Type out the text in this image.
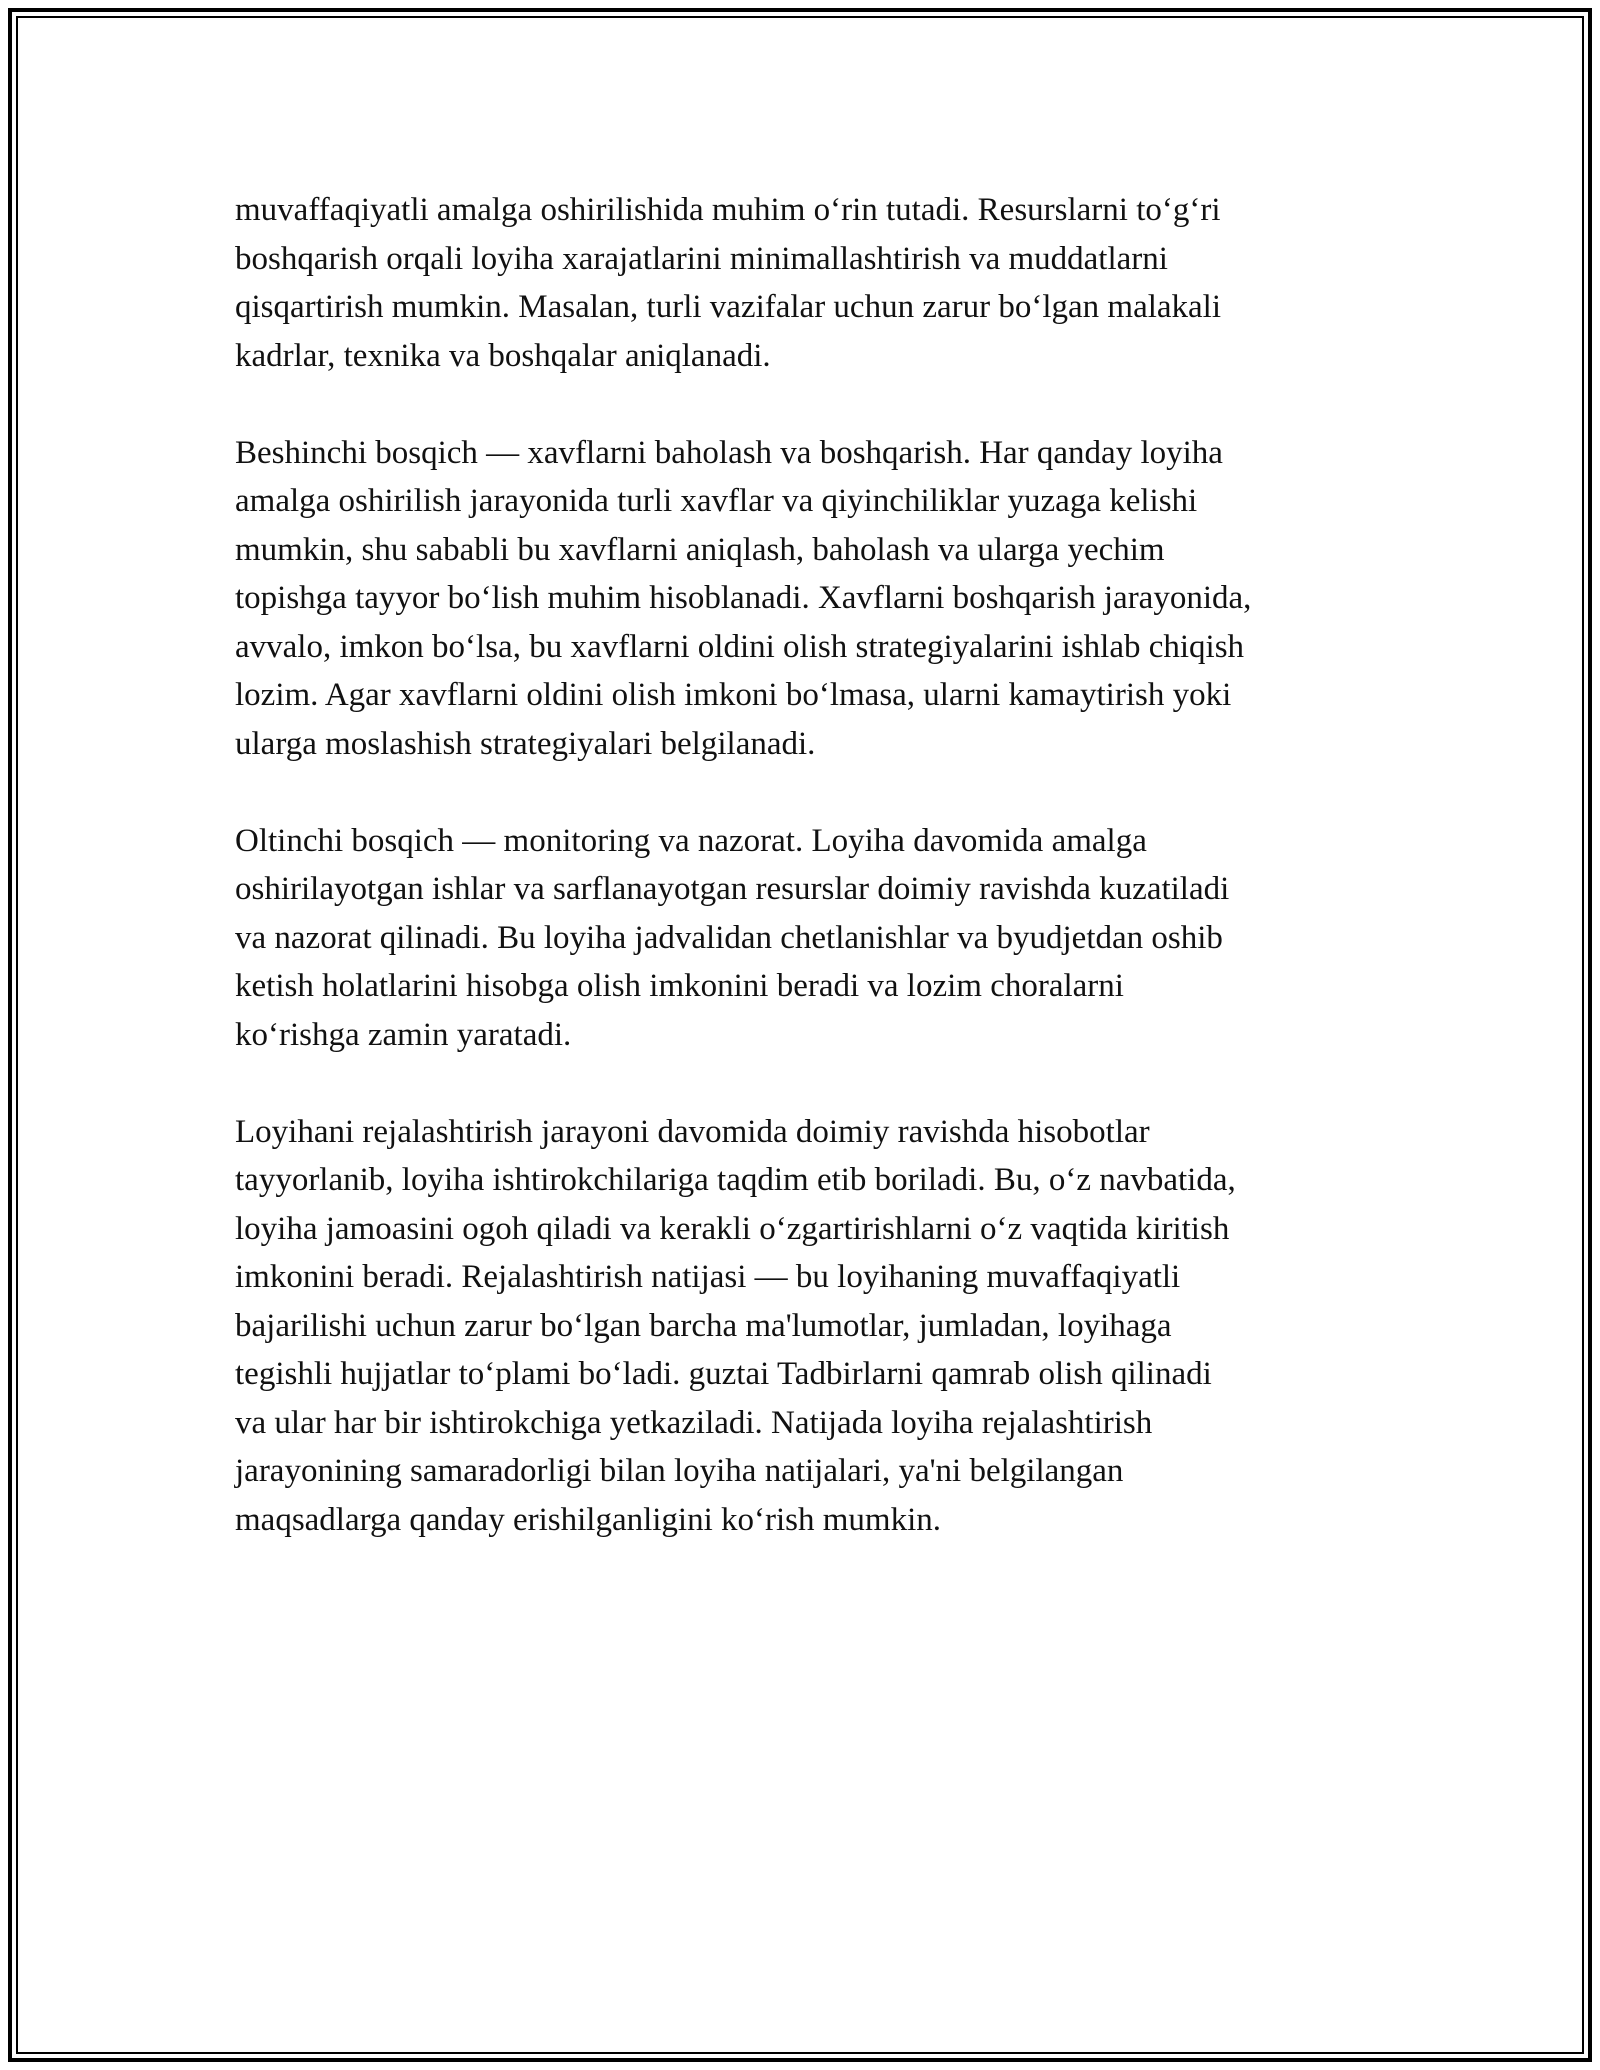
muvaffaqiyatli amalga oshirilishida muhim o‘rin tutadi. Resurslarni to‘g‘ri
boshqarish orqali loyiha xarajatlarini minimallashtirish va muddatlarni
qisqartirish mumkin. Masalan, turli vazifalar uchun zarur bo‘lgan malakali
kadrlar, texnika va boshqalar aniqlanadi.

Beshinchi bosqich — xavflarni baholash va boshqarish. Har qanday loyiha
amalga oshirilish jarayonida turli xavflar va qiyinchiliklar yuzaga kelishi
mumkin, shu sababli bu xavflarni aniqlash, baholash va ularga yechim
topishga tayyor bo‘lish muhim hisoblanadi. Xavflarni boshqarish jarayonida,
avvalo, imkon bo‘lsa, bu xavflarni oldini olish strategiyalarini ishlab chiqish
lozim. Agar xavflarni oldini olish imkoni bo‘lmasa, ularni kamaytirish yoki
ularga moslashish strategiyalari belgilanadi.

Oltinchi bosqich — monitoring va nazorat. Loyiha davomida amalga
oshirilayotgan ishlar va sarflanayotgan resurslar doimiy ravishda kuzatiladi
va nazorat qilinadi. Bu loyiha jadvalidan chetlanishlar va byudjetdan oshib
ketish holatlarini hisobga olish imkonini beradi va lozim choralarni
ko‘rishga zamin yaratadi.

Loyihani rejalashtirish jarayoni davomida doimiy ravishda hisobotlar
tayyorlanib, loyiha ishtirokchilariga taqdim etib boriladi. Bu, o‘z navbatida,
loyiha jamoasini ogoh qiladi va kerakli o‘zgartirishlarni o‘z vaqtida kiritish
imkonini beradi. Rejalashtirish natijasi — bu loyihaning muvaffaqiyatli
bajarilishi uchun zarur bo‘lgan barcha ma'lumotlar, jumladan, loyihaga
tegishli hujjatlar to‘plami bo‘ladi. guztai Tadbirlarni qamrab olish qilinadi
va ular har bir ishtirokchiga yetkaziladi. Natijada loyiha rejalashtirish
jarayonining samaradorligi bilan loyiha natijalari, ya'ni belgilangan
maqsadlarga qanday erishilganligini ko‘rish mumkin.
